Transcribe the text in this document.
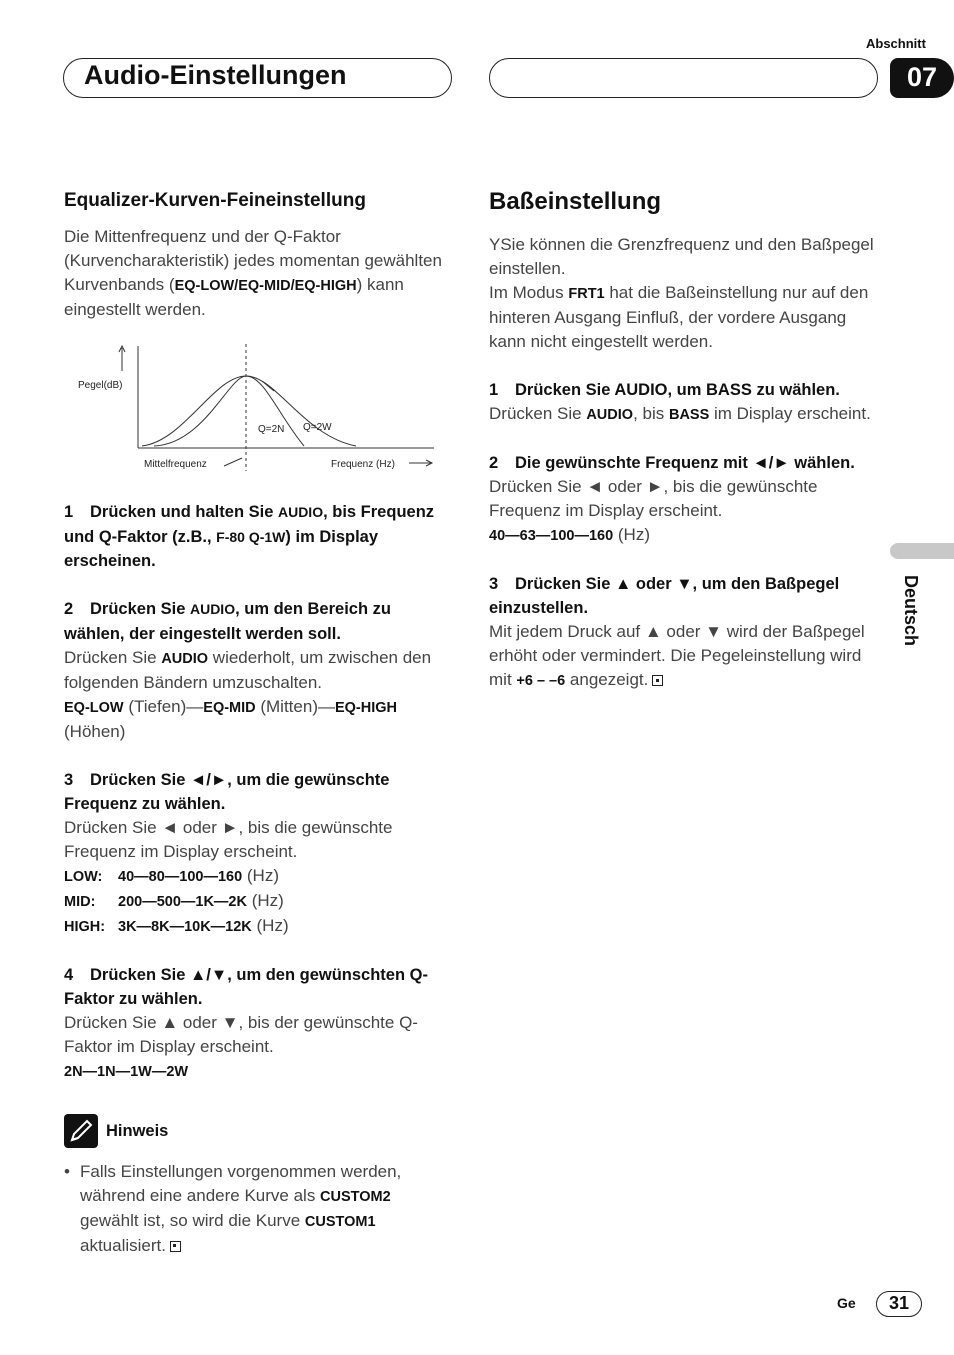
Abschnitt
Audio-Einstellungen	07
Equalizer-Kurven-Feineinstellung

Die Mittenfrequenz und der Q-Faktor (Kurvencharakteristik) jedes momentan gewählten Kurvenbands (EQ-LOW/EQ-MID/EQ-HIGH) kann eingestellt werden.

Pegel(dB)
Q=2N Q=2W
Mittelfrequenz	Frequenz (Hz)

1 Drücken und halten Sie AUDIO, bis Frequenz und Q-Faktor (z.B., F-80 Q-1W) im Display erscheinen.

2 Drücken Sie AUDIO, um den Bereich zu wählen, der eingestellt werden soll.

Drücken Sie AUDIO wiederholt, um zwischen den folgenden Bändern umzuschalten.

EQ-LOW (Tiefen)—EQ-MID (Mitten)—EQ-HIGH

(Höhen)

3 Drücken Sie ◄/►, um die gewünschte Frequenz zu wählen.

Drücken Sie ◄ oder ►, bis die gewünschte Frequenz im Display erscheint.

LOW: 40—80—100—160 (Hz)

MID: 200—500—1K—2K (Hz)

HIGH: 3K—8K—10K—12K (Hz)

4 Drücken Sie ▲/▼, um den gewünschten Q-Faktor zu wählen.

Drücken Sie ▲ oder ▼, bis der gewünschte Q-Faktor im Display erscheint.

2N—1N—1W—2W

Hinweis

• Falls Einstellungen vorgenommen werden, während eine andere Kurve als CUSTOM2 gewählt ist, so wird die Kurve CUSTOM1 aktualisiert.

Baßeinstellung

YSie können die Grenzfrequenz und den Baßpegel einstellen.

Im Modus FRT1 hat die Baßeinstellung nur auf den hinteren Ausgang Einfluß, der vordere Ausgang kann nicht eingestellt werden.

1 Drücken Sie AUDIO, um BASS zu wählen.

Drücken Sie AUDIO, bis BASS im Display erscheint.

2 Die gewünschte Frequenz mit ◄/► wählen.

Drücken Sie ◄ oder ►, bis die gewünschte Frequenz im Display erscheint.

40—63—100—160 (Hz)

3 Drücken Sie ▲ oder ▼, um den Baßpegel einzustellen.

Mit jedem Druck auf ▲ oder ▼ wird der Baßpegel erhöht oder vermindert. Die Pegeleinstellung wird mit +6 – –6 angezeigt.

Deutsch
Ge	31
